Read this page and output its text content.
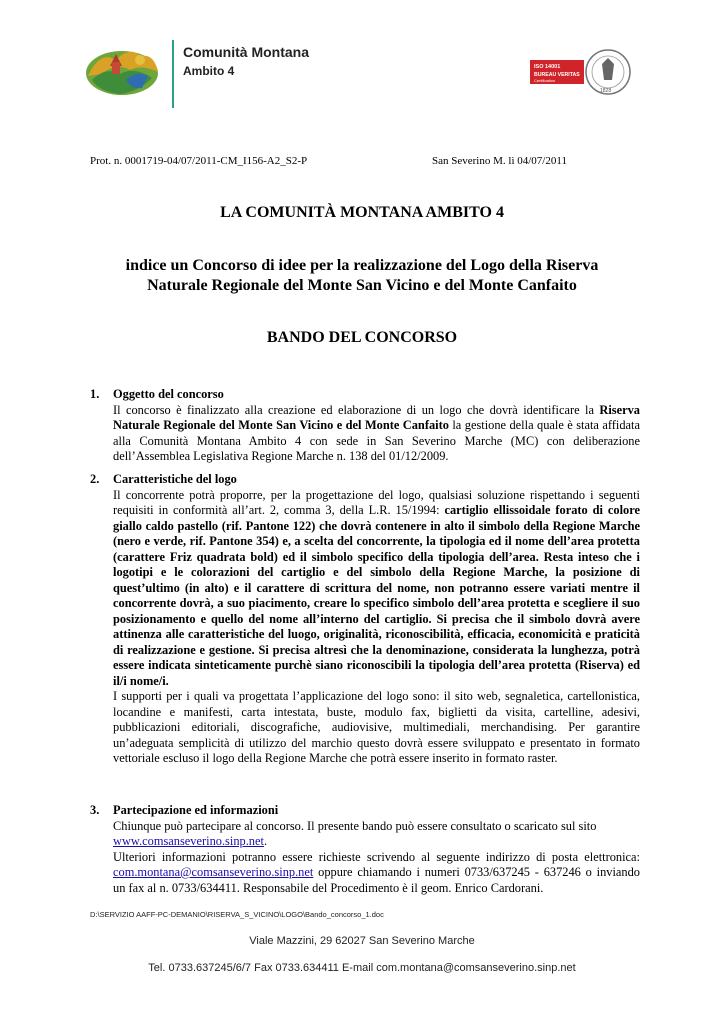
Comunità Montana
Ambito 4	ISO 14001
BUREAU VERITAS
Certification
1828
Prot. n. 0001719-04/07/2011-CM_I156-A2_S2-P	San Severino M. lì 04/07/2011
LA COMUNITÀ MONTANA AMBITO 4
indice un Concorso di idee per la realizzazione del Logo della Riserva
Naturale Regionale del Monte San Vicino e del Monte Canfaito
BANDO DEL CONCORSO
1. Oggetto del concorso
Il concorso è finalizzato alla creazione ed elaborazione di un logo che dovrà identificare la Riserva Naturale Regionale del Monte San Vicino e del Monte Canfaito la gestione della quale è stata affidata alla Comunità Montana Ambito 4 con sede in San Severino Marche (MC) con deliberazione dell’Assemblea Legislativa Regione Marche n. 138 del 01/12/2009.
2. Caratteristiche del logo
Il concorrente potrà proporre, per la progettazione del logo, qualsiasi soluzione rispettando i seguenti requisiti in conformità all’art. 2, comma 3, della L.R. 15/1994: cartiglio ellissoidale forato di colore giallo caldo pastello (rif. Pantone 122) che dovrà contenere in alto il simbolo della Regione Marche (nero e verde, rif. Pantone 354) e, a scelta del concorrente, la tipologia ed il nome dell’area protetta (carattere Friz quadrata bold) ed il simbolo specifico della tipologia dell’area. Resta inteso che i logotipi e le colorazioni del cartiglio e del simbolo della Regione Marche, la posizione di quest’ultimo (in alto) e il carattere di scrittura del nome, non potranno essere variati mentre il concorrente dovrà, a suo piacimento, creare lo specifico simbolo dell’area protetta e scegliere il suo posizionamento e quello del nome all’interno del cartiglio. Si precisa che il simbolo dovrà avere attinenza alle caratteristiche del luogo, originalità, riconoscibilità, efficacia, economicità e praticità di realizzazione e gestione. Si precisa altresì che la denominazione, considerata la lunghezza, potrà essere indicata sinteticamente purchè siano riconoscibili la tipologia dell’area protetta (Riserva) ed il/i nome/i.

I supporti per i quali va progettata l’applicazione del logo sono: il sito web, segnaletica, cartellonistica, locandine e manifesti, carta intestata, buste, modulo fax, biglietti da visita, cartelline, adesivi, pubblicazioni editoriali, discografiche, audiovisive, multimediali, merchandising. Per garantire un’adeguata semplicità di utilizzo del marchio questo dovrà essere sviluppato e presentato in formato vettoriale escluso il logo della Regione Marche che potrà essere inserito in formato raster.

3. Partecipazione ed informazioni

Chiunque può partecipare al concorso. Il presente bando può essere consultato o scaricato sul sito www.comsanseverino.sinp.net.

Ulteriori informazioni potranno essere richieste scrivendo al seguente indirizzo di posta elettronica: com.montana@comsanseverino.sinp.net oppure chiamando i numeri 0733/637245 - 637246 o inviando un fax al n. 0733/634411. Responsabile del Procedimento è il geom. Enrico Cardorani.

D:\SERVIZIO AAFF-PC-DEMANIO\RISERVA_S_VICINO\LOGO\Bando_concorso_1.doc
Viale Mazzini, 29 62027 San Severino Marche
Tel. 0733.637245/6/7 Fax 0733.634411 E-mail com.montana@comsanseverino.sinp.net
